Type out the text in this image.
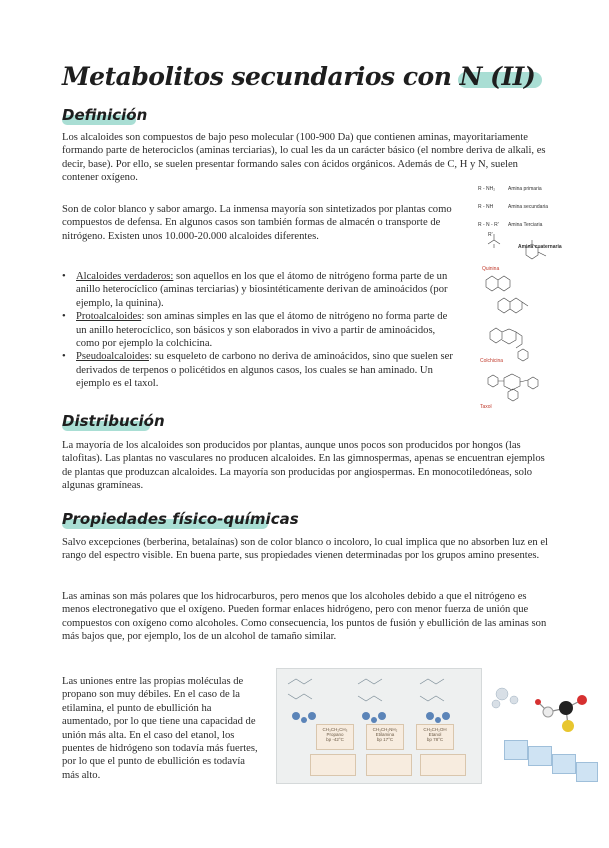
Metabolitos secundarios con N (II)
Definición
Los alcaloides son compuestos de bajo peso molecular (100-900 Da) que contienen aminas, mayoritariamente formando parte de heterociclos (aminas terciarias), lo cual les da un carácter básico (el nombre deriva de alkali, es decir, base). Por ello, se suelen presentar formando sales con ácidos orgánicos. Además de C, H y N, suelen contener oxígeno.
Son de color blanco y sabor amargo. La inmensa mayoría son sintetizados por plantas como compuestos de defensa. En algunos casos son también formas de almacén o transporte de nitrógeno. Existen unos 10.000-20.000 alcaloides diferentes.
• Alcaloides verdaderos: son aquellos en los que el átomo de nitrógeno forma parte de un anillo heterocíclico (aminas terciarias) y biosintéticamente derivan de aminoácidos (por ejemplo, la quinina).
• Protoalcaloides: son aminas simples en las que el átomo de nitrógeno no forma parte de un anillo heterocíclico, son básicos y son elaborados in vivo a partir de aminoácidos, como por ejemplo la colchicina.
• Pseudoalcaloides: su esqueleto de carbono no deriva de aminoácidos, sino que suelen ser derivados de terpenos o policétidos en algunos casos, los cuales se han aminado. Un ejemplo es el taxol.
R - NH₂	Amina primaria
R - NH	Amina secundaria
R - N - R' Amina Terciaria
R'
Amina cuaternaria
Quinina
Colchicina
Taxol
Distribución
La mayoría de los alcaloides son producidos por plantas, aunque unos pocos son producidos por hongos (las talofitas). Las plantas no vasculares no producen alcaloides. En las gimnospermas, apenas se encuentran ejemplos de plantas que produzcan alcaloides. La mayoría son producidas por angiospermas. En monocotiledóneas, solo algunas gramíneas.
Propiedades físico-químicas
Salvo excepciones (berberina, betalaínas) son de color blanco o incoloro, lo cual implica que no absorben luz en el rango del espectro visible. En buena parte, sus propiedades vienen determinadas por los grupos amino presentes.
Las aminas son más polares que los hidrocarburos, pero menos que los alcoholes debido a que el nitrógeno es menos electronegativo que el oxígeno. Pueden formar enlaces hidrógeno, pero con menor fuerza de unión que compuestos con oxígeno como alcoholes. Como consecuencia, los puntos de fusión y ebullición de las aminas son más bajos que, por ejemplo, los de un alcohol de tamaño similar.
Las uniones entre las propias moléculas de propano son muy débiles. En el caso de la etilamina, el punto de ebullición ha aumentado, por lo que tiene una capacidad de unión más alta. En el caso del etanol, los puentes de hidrógeno son todavía más fuertes, por lo que el punto de ebullición es todavía más alto.
CH₃CH₂CH₃
Propano
bp -42°C
CH₃CH₂NH₂
Etilamina
bp 17°C
CH₃CH₂OH
Etanol
bp 78°C
